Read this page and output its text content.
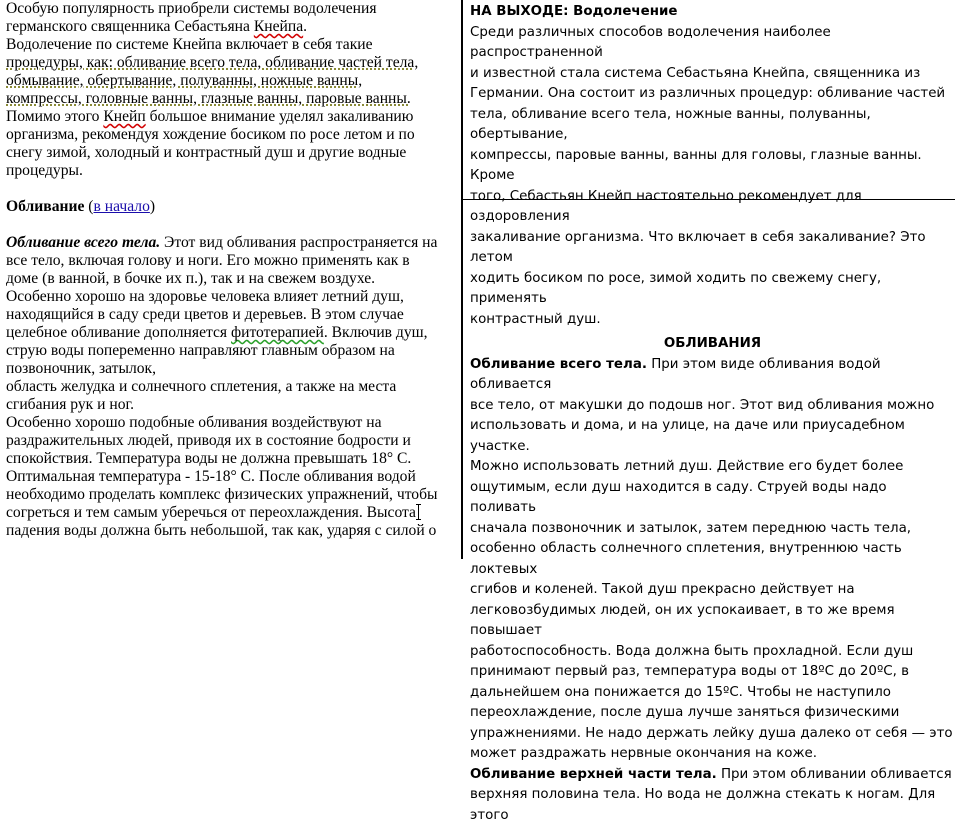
Особую популярность приобрели системы водолечения
германского священника Себастьяна Кнейпа.

Водолечение по системе Кнейпа включает в себя такие
процедуры, как: обливание всего тела, обливание частей тела,
обмывание, обертывание, полуванны, ножные ванны,
компрессы, головные ванны, глазные ванны, паровые ванны.

Помимо этого Кнейп большое внимание уделял закаливанию
организма, рекомендуя хождение босиком по росе летом и по
снегу зимой, холодный и контрастный душ и другие водные
процедуры.

Обливание (в начало)

Обливание всего тела. Этот вид обливания распространяется на
все тело, включая голову и ноги. Его можно применять как в
доме (в ванной, в бочке их п.), так и на свежем воздухе.
Особенно хорошо на здоровье человека влияет летний душ,
находящийся в саду среди цветов и деревьев. В этом случае
целебное обливание дополняется фитотерапией. Включив душ,
струю воды попеременно направляют главным образом на
позвоночник, затылок,
область желудка и солнечного сплетения, а также на места
сгибания рук и ног.
Особенно хорошо подобные обливания воздействуют на
раздражительных людей, приводя их в состояние бодрости и
спокойствия. Температура воды не должна превышать 18° С.
Оптимальная температура - 15-18° С. После обливания водой
необходимо проделать комплекс физических упражнений, чтобы
согреться и тем самым уберечься от переохлаждения. Высота
падения воды должна быть небольшой, так как, ударяя с силой о

НА ВЫХОДЕ: Водолечение

Среди различных способов водолечения наиболее распространенной
и известной стала система Себастьяна Кнейпа, священника из
Германии. Она состоит из различных процедур: обливание частей
тела, обливание всего тела, ножные ванны, полуванны, обертывание,
компрессы, паровые ванны, ванны для головы, глазные ванны. Кроме
того, Себастьян Кнейп настоятельно рекомендует для оздоровления
закаливание организма. Что включает в себя закаливание? Это летом
ходить босиком по росе, зимой ходить по свежему снегу, применять
контрастный душ.

ОБЛИВАНИЯ

Обливание всего тела. При этом виде обливания водой обливается
все тело, от макушки до подошв ног. Этот вид обливания можно
использовать и дома, и на улице, на даче или приусадебном участке.
Можно использовать летний душ. Действие его будет более
ощутимым, если душ находится в саду. Струей воды надо поливать
сначала позвоночник и затылок, затем переднюю часть тела,
особенно область солнечного сплетения, внутреннюю часть локтевых
сгибов и коленей. Такой душ прекрасно действует на
легковозбудимых людей, он их успокаивает, в то же время повышает
работоспособность. Вода должна быть прохладной. Если душ
принимают первый раз, температура воды от 18ºС до 20ºС, в
дальнейшем она понижается до 15ºС. Чтобы не наступило
переохлаждение, после душа лучше заняться физическими
упражнениями. Не надо держать лейку душа далеко от себя — это
может раздражать нервные окончания на коже.

Обливание верхней части тела. При этом обливании обливается
верхняя половина тела. Но вода не должна стекать к ногам. Для этого
